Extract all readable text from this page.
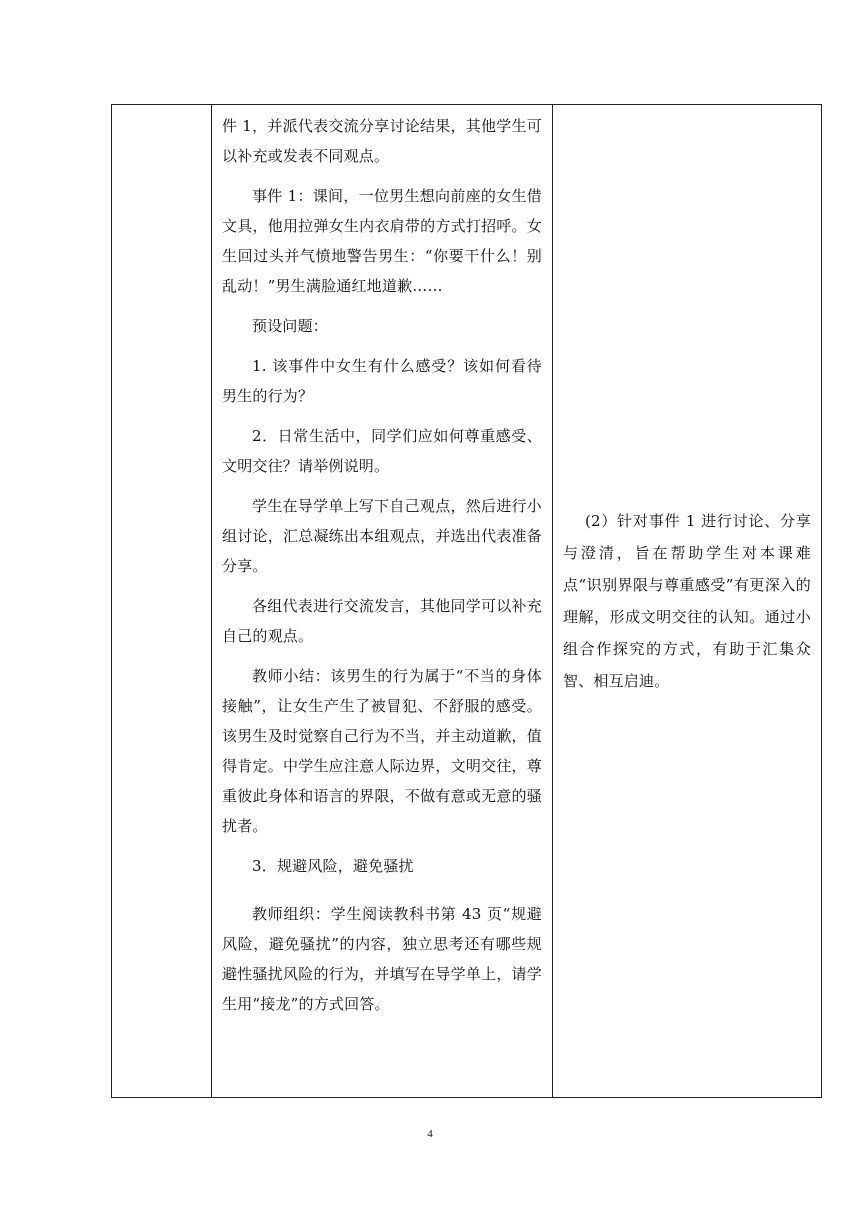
件 1，并派代表交流分享讨论结果，其他学生可以补充或发表不同观点。

事件 1：课间，一位男生想向前座的女生借文具，他用拉弹女生内衣肩带的方式打招呼。女生回过头并气愤地警告男生：“你要干什么！别乱动！”男生满脸通红地道歉……

预设问题：

1. 该事件中女生有什么感受？该如何看待男生的行为？

2．日常生活中，同学们应如何尊重感受、文明交往？请举例说明。

学生在导学单上写下自己观点，然后进行小组讨论，汇总凝练出本组观点，并选出代表准备分享。

各组代表进行交流发言，其他同学可以补充自己的观点。

教师小结：该男生的行为属于“不当的身体接触”，让女生产生了被冒犯、不舒服的感受。该男生及时觉察自己行为不当，并主动道歉，值得肯定。中学生应注意人际边界，文明交往，尊重彼此身体和语言的界限，不做有意或无意的骚扰者。

3．规避风险，避免骚扰

教师组织：学生阅读教科书第 43 页“规避风险，避免骚扰”的内容，独立思考还有哪些规避性骚扰风险的行为，并填写在导学单上，请学生用“接龙”的方式回答。

(2）针对事件 1 进行讨论、分享与澄清，旨在帮助学生对本课难点“识别界限与尊重感受”有更深入的理解，形成文明交往的认知。通过小组合作探究的方式，有助于汇集众智、相互启迪。

4
